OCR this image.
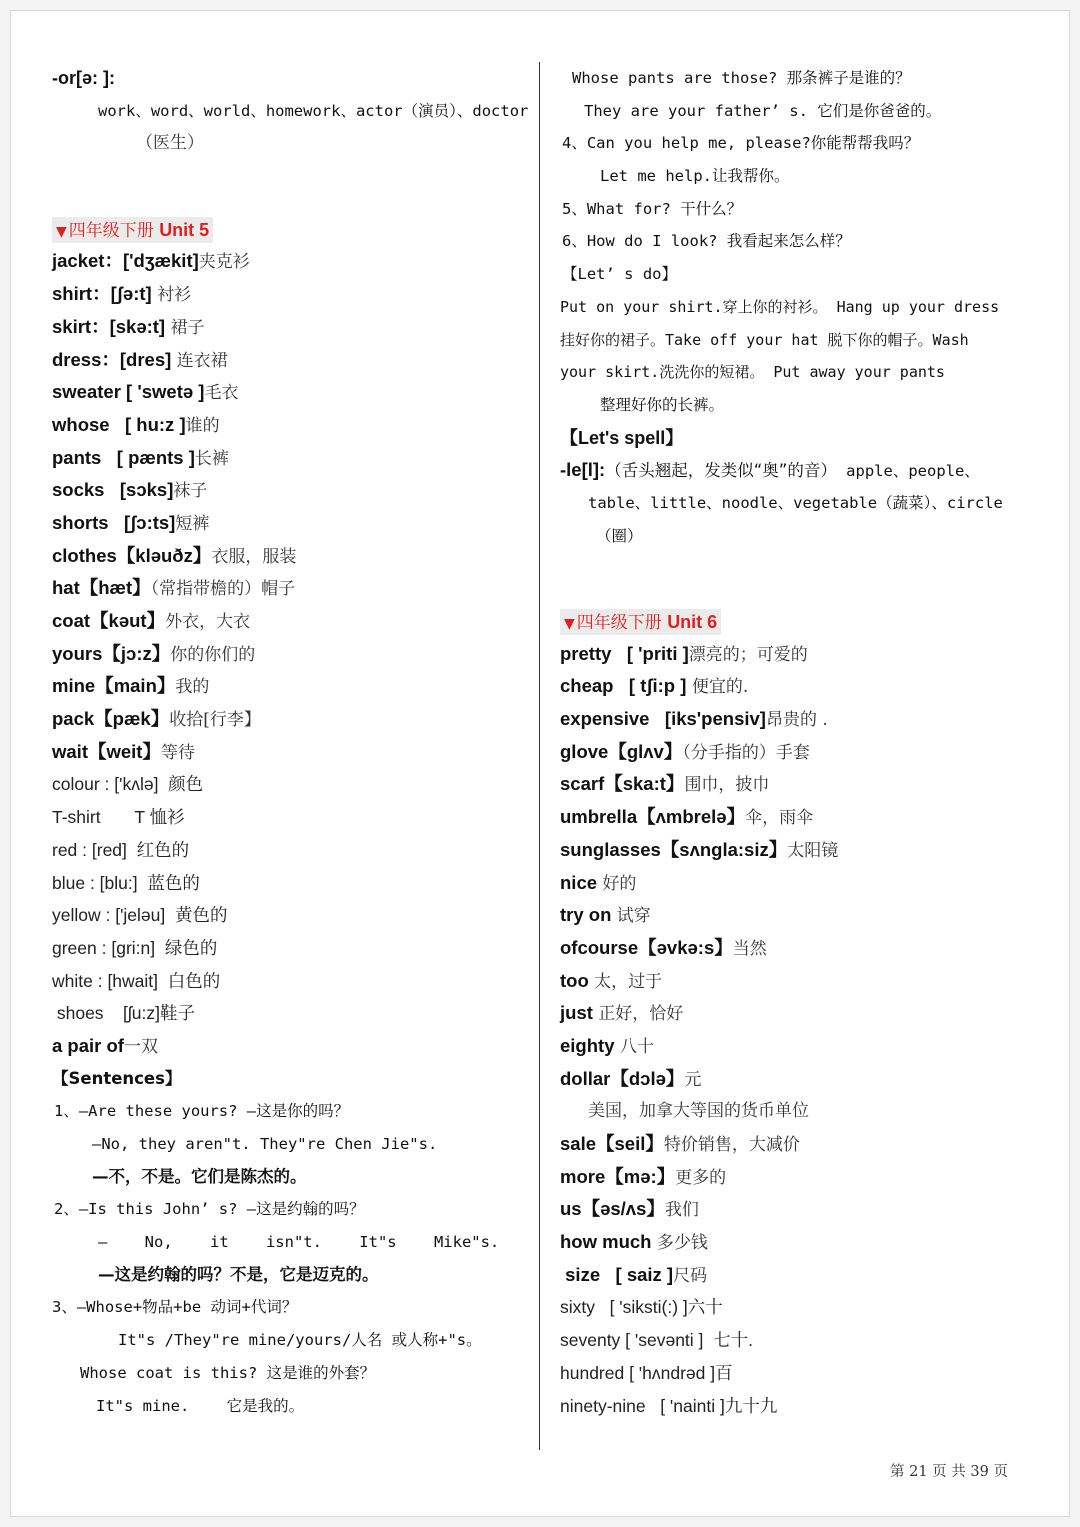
-or[ə: ]:
work、word、world、homework、actor（演员）、doctor
（医生）
▼ 四年级下册 Unit 5
jacket：['dʒækit]夹克衫
shirt：[ʃə:t] 衬衫
skirt：[skə:t] 裙子
dress：[dres] 连衣裙
sweater [ 'swetə ]毛衣
whose   [ hu:z ]谁的
pants   [ pænts ]长裤
socks   [sɔks]袜子
shorts   [ʃɔ:ts]短裤
clothes【kləuðz】衣服，服装
hat【hæt】（常指带檐的）帽子
coat【kəut】外衣，大衣
yours【jɔ:z】你的你们的
mine【main】我的
pack【pæk】收拾[行李】
wait【weit】等待
colour : ['kʌlə]  颜色
T-shirt       T 恤衫
red : [red]  红色的
blue : [blu:]  蓝色的
yellow : ['jeləu]  黄色的
green : [gri:n]  绿色的
white : [hwait]  白色的
shoes    [ʃu:z]鞋子
a pair of一双
【Sentences】
1、—Are these yours? —这是你的吗？
—No, they aren"t. They"re Chen Jie"s.
—不，不是。它们是陈杰的。
2、—Is this John’ s? —这是约翰的吗？
—    No,    it    isn"t.    It"s    Mike"s.
—这是约翰的吗？不是，它是迈克的。
3、—Whose+物品+be 动词+代词？
It"s /They"re mine/yours/人名 或人称+"s。
Whose coat is this? 这是谁的外套？
It"s mine.    它是我的。
Whose pants are those? 那条裤子是谁的？
They are your father’ s. 它们是你爸爸的。
4、Can you help me, please?你能帮帮我吗？
Let me help.让我帮你。
5、What for? 干什么？
6、How do I look? 我看起来怎么样？
【Let’ s do】
Put on your shirt.穿上你的衬衫。 Hang up your dress
挂好你的裙子。Take off your hat 脱下你的帽子。Wash
your skirt.洗洗你的短裙。 Put away your pants
整理好你的长裤。
【Let's spell】
-le[l]:（舌头翘起，发类似“奥”的音） apple、people、
table、little、noodle、vegetable（蔬菜）、circle
（圈）
▼ 四年级下册 Unit 6
pretty   [ 'priti ]漂亮的；可爱的
cheap   [ tʃi:p ] 便宜的.
expensive   [iks'pensiv]昂贵的 .
glove【glʌv】（分手指的）手套
scarf【ska:t】围巾，披巾
umbrella【ʌmbrelə】伞，雨伞
sunglasses【sʌngla:siz】太阳镜
nice 好的
try on 试穿
ofcourse【əvkə:s】当然
too 太，过于
just 正好，恰好
eighty 八十
dollar【dɔlə】元
美国，加拿大等国的货币单位
sale【seil】特价销售，大减价
more【mə:】更多的
us【əs/ʌs】我们
how much 多少钱
size   [ saiz ]尺码
sixty   [ 'siksti(:) ]六十
seventy [ 'sevənti ]  七十.
hundred [ 'hʌndrəd ]百
ninety-nine   [ 'nainti ]九十九
第 21 页 共 39 页
